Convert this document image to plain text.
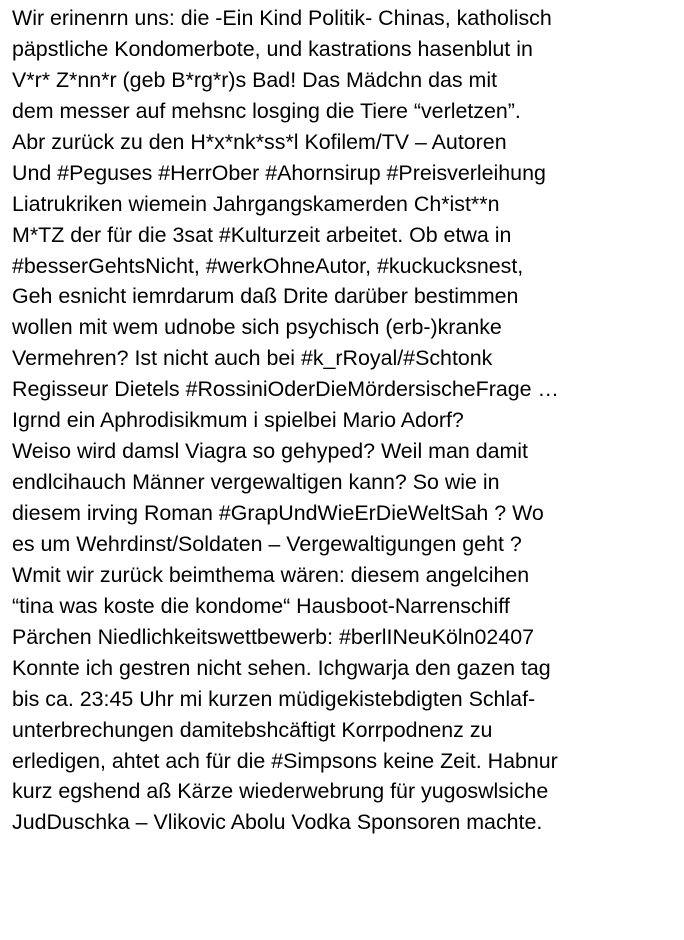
Wir erinenrn uns: die -Ein Kind Politik- Chinas, katholisch
päpstliche Kondomerbote, und kastrations hasenblut in
V*r* Z*nn*r (geb B*rg*r)s Bad! Das Mädchn das mit
dem messer auf mehsnc losging die Tiere “verletzen”.
Abr zurück zu den H*x*nk*ss*l Kofilem/TV – Autoren
Und #Peguses #HerrOber #Ahornsirup #Preisverleihung
Liatrukriken wiemein Jahrgangskamerden Ch*ist**n
M*TZ der für die 3sat #Kulturzeit arbeitet. Ob etwa in
#besserGehtsNicht, #werkOhneAutor, #kuckucksnest,
Geh esnicht iemrdarum daß Drite darüber bestimmen
wollen mit wem udnobe sich psychisch (erb-)kranke
Vermehren? Ist nicht auch bei #k_rRoyal/#Schtonk
Regisseur Dietels #RossiniOderDieMördersischeFrage …
Igrnd ein Aphrodisikmum i spielbei Mario Adorf?
Weiso wird damsl Viagra so gehyped? Weil man damit
endlcihauch Männer vergewaltigen kann? So wie in
diesem irving Roman #GrapUndWieErDieWeltSah ? Wo
es um Wehrdinst/Soldaten – Vergewaltigungen geht ?
Wmit wir zurück beimthema wären: diesem angelcihen
“tina was koste die kondome“ Hausboot-Narrenschiff
Pärchen Niedlichkeitswettbewerb: #berlINeuKöln02407
Konnte ich gestren nicht sehen. Ichgwarja den gazen tag
bis ca. 23:45 Uhr mi kurzen müdigekistebdigten Schlaf-
unterbrechungen damitebshcäftigt Korrpodnenz zu
erledigen, ahtet ach für die #Simpsons keine Zeit. Habnur
kurz egshend aß Kärze wiederwebrung für yugoswlsiche
JudDuschka – Vlikovic Abolu Vodka Sponsoren machte.
